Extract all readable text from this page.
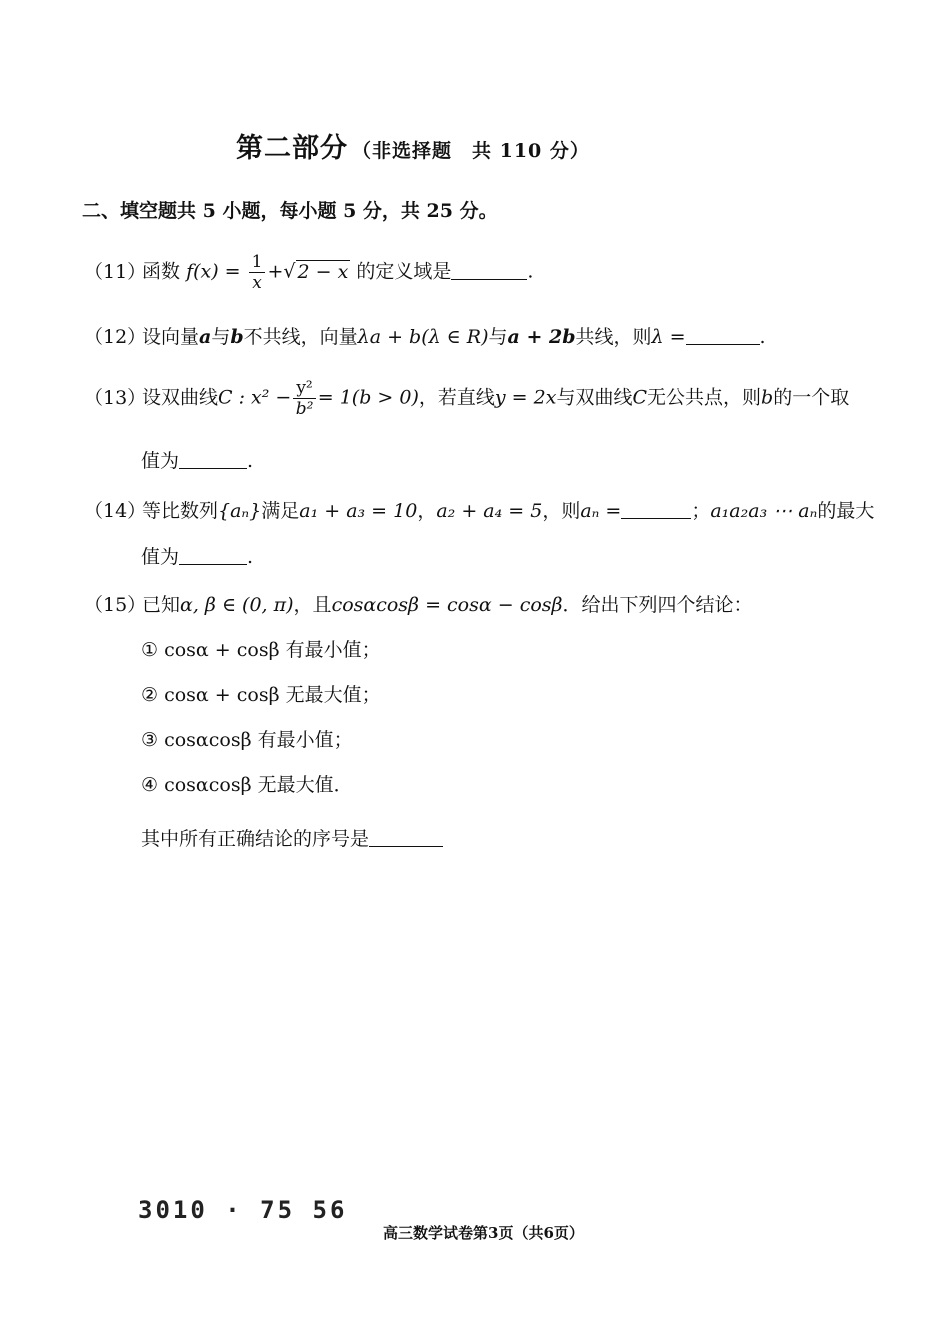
第二部分 （非选择题　共 110 分）
二、填空题共 5 小题，每小题 5 分，共 25 分。
（11）函数 $f(x) = \frac{1}{x}$ +√ 2 − x 的定义域是	.
（12）设向量a与b不共线，向量λa + b(λ ∈ R)与a + 2b共线，则λ =	.
（13）设双曲线C : $x^2 - \frac{\text{y²}}{\text{b²}} = 1(b > 0)$，若直线y = 2x与双曲线C无公共点，则b的一个取
值为	.
（14）等比数列{aₙ}满足a₁ + a₃ = 10，a₂ + a₄ = 5，则aₙ =	；a₁a₂a₃ ⋯ aₙ的最大
值为	.
（15）已知α, β ∈ (0, π)，且cosαcosβ = cosα − cosβ．给出下列四个结论：
① cosα + cosβ 有最小值；
② cosα + cosβ 无最大值；
③ cosαcosβ 有最小值；
④ cosαcosβ 无最大值．
其中所有正确结论的序号是
3010 · 75 56
高三数学试卷第3页（共6页）
